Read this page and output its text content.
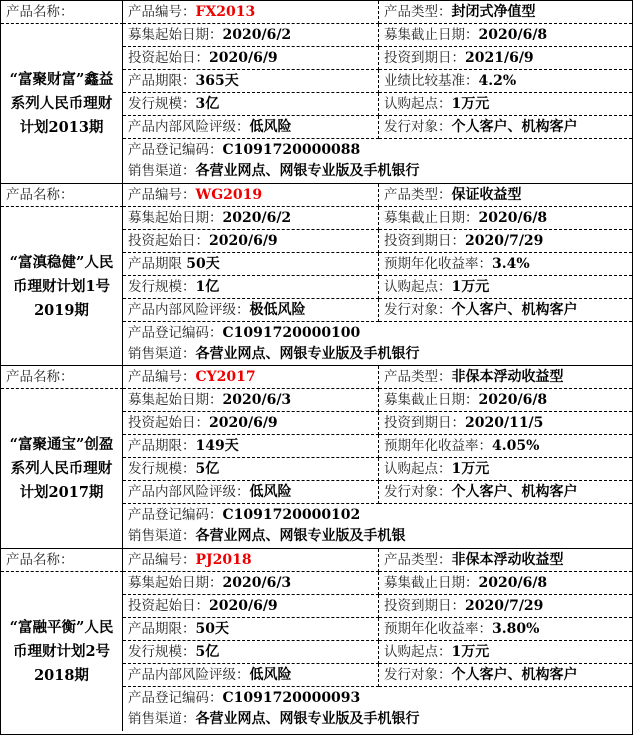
产品名称：
“富聚财富”鑫益系列人民币理财计划2013期
产品编号：FX2013	产品类型：封闭式净值型
募集起始日期：2020/6/2	募集截止日期：2020/6/8
投资起始日：2020/6/9	投资到期日：2021/6/9
产品期限：365天	业绩比较基准：4.2%
发行规模：3亿	认购起点：1万元
产品内部风险评级：低风险	发行对象：个人客户、机构客户
产品登记编码：C1091720000088
销售渠道：各营业网点、网银专业版及手机银行
产品名称：
“富滇稳健”人民币理财计划1号2019期
产品编号：WG2019	产品类型：保证收益型
募集起始日期：2020/6/2	募集截止日期：2020/6/8
投资起始日：2020/6/9	投资到期日：2020/7/29
产品期限 50天	预期年化收益率：3.4%
发行规模：1亿	认购起点：1万元
产品内部风险评级：极低风险	发行对象：个人客户、机构客户
产品登记编码：C1091720000100
销售渠道：各营业网点、网银专业版及手机银行
产品名称：
“富聚通宝”创盈系列人民币理财计划2017期
产品编号：CY2017	产品类型：非保本浮动收益型
募集起始日期：2020/6/3	募集截止日期：2020/6/8
投资起始日：2020/6/9	投资到期日：2020/11/5
产品期限：149天	预期年化收益率：4.05%
发行规模：5亿	认购起点：1万元
产品内部风险评级：低风险	发行对象：个人客户、机构客户
产品登记编码：C1091720000102
销售渠道：各营业网点、网银专业版及手机银
产品名称：
“富融平衡”人民币理财计划2号2018期
产品编号：PJ2018	产品类型：非保本浮动收益型
募集起始日期：2020/6/3	募集截止日期：2020/6/8
投资起始日：2020/6/9	投资到期日：2020/7/29
产品期限：50天	预期年化收益率：3.80%
发行规模：5亿	认购起点：1万元
产品内部风险评级：低风险	发行对象：个人客户、机构客户
产品登记编码：C1091720000093
销售渠道：各营业网点、网银专业版及手机银行
